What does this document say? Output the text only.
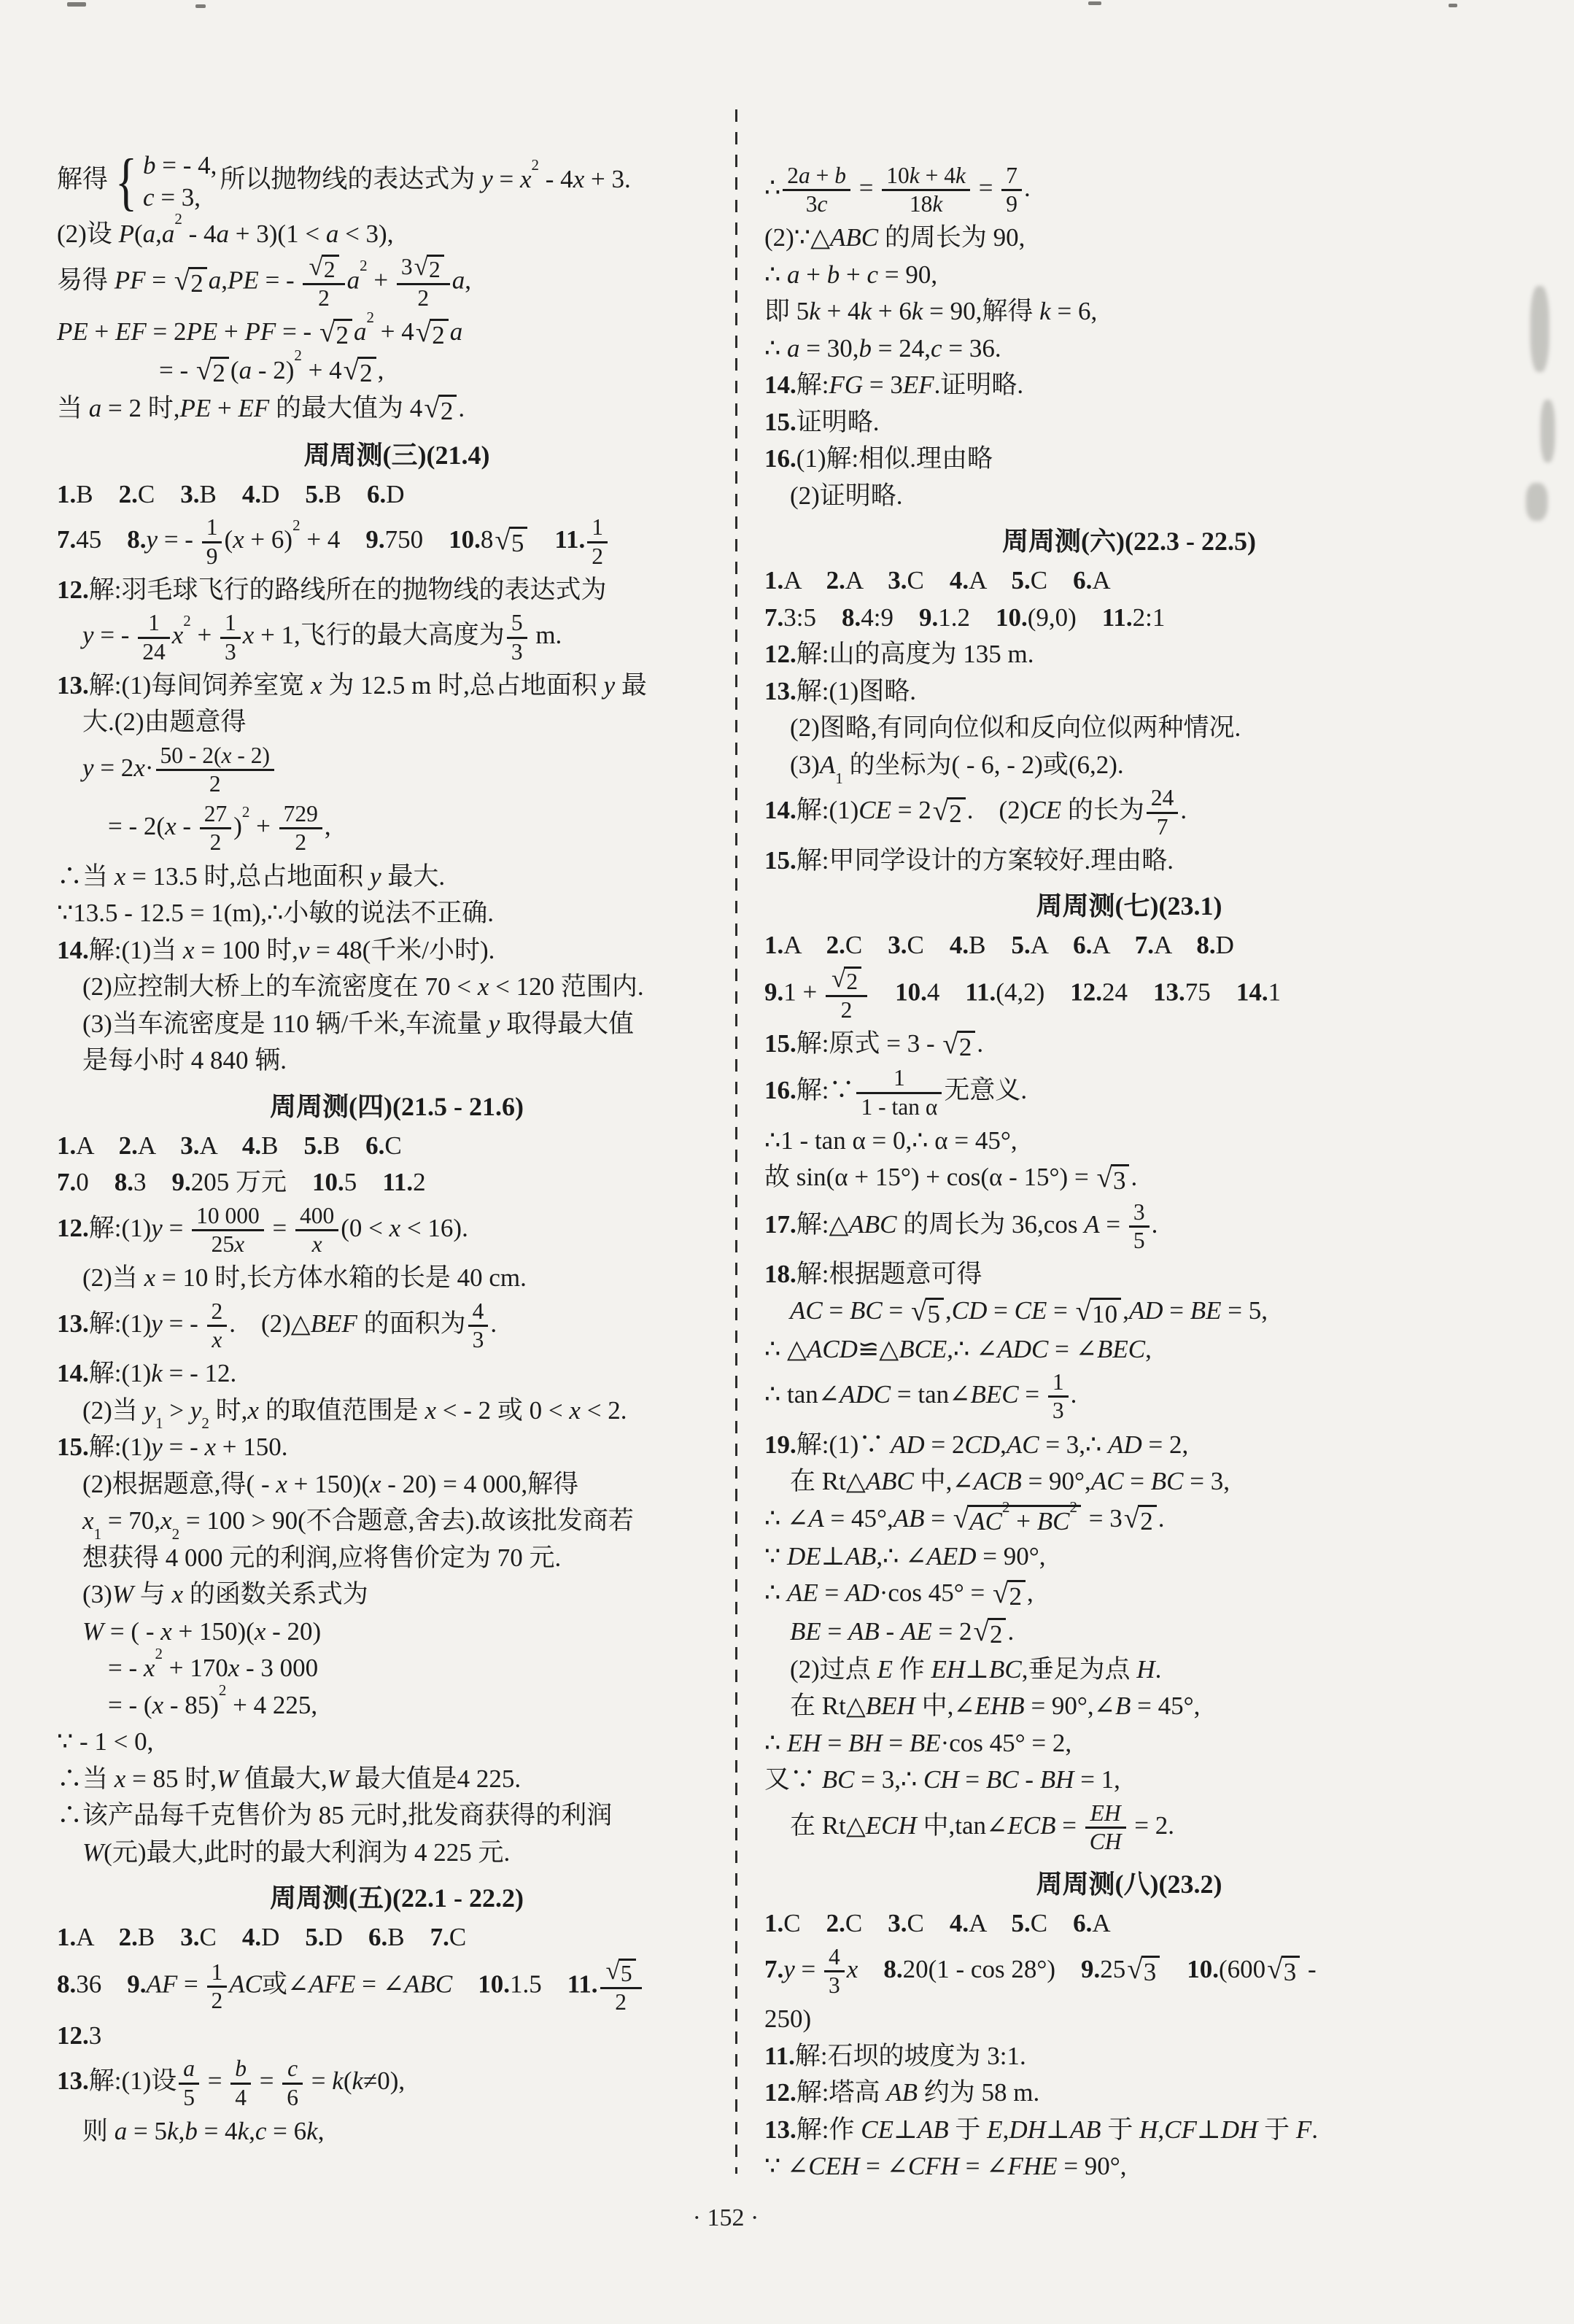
解得 { b = - 4,
c = 3,
所以抛物线的表达式为 $y = x^2 - 4x + 3$.
(2)设 $P(a,a^2 - 4a + 3)(1 < a < 3)$,
易得 PF = √ 2 a,PE = - $\frac{√ 2}{2} a^2 + \frac{3 √ 2}{2} a$,
PE + EF = 2PE + PF = - √ 2 $a^2 + 4$ √ 2 a
　　　　= - √ 2 (a - 2)$^2$ + 4 √ 2 ,
当 a = 2 时,PE + EF 的最大值为 4 √ 2 .
周周测(三)(21.4)
1.B　 2.C　 3.B　 4.D　 5.B　 6.D
7.45　8.y = - $\frac{1}{9} (x + 6)^2 + 4$　9.750　10.8 √ 5
　 11. $\frac{1}{2}$
12.解:羽毛球飞行的路线所在的抛物线的表达式为
　y = - $\frac{1}{24} x^2 + \frac{1}{3}$ x + 1,飞行的最大高度为 $\frac{5}{3} m$.
13.解:(1)每间饲养室宽 x 为 12.5 m 时,总占地面积 y 最
　大.(2)由题意得
　$y = 2x\cdot \frac{50 - 2(x - 2)}{2}$
　　= - $2(x - \frac{27}{2} )^2 + \frac{729}{2}$ ,
∴当 x = 13.5 时,总占地面积 y 最大.
∵13.5 - 12.5 = 1(m),∴小敏的说法不正确.
14.解:(1)当 x = 100 时,v = 48(千米/小时).
　(2)应控制大桥上的车流密度在 70 < x < 120 范围内.
　(3)当车流密度是 110 辆/千米,车流量 y 取得最大值
　是每小时 4 840 辆.
周周测(四)(21.5 - 21.6)
1.A　 2.A　 3.A　 4.B　 5.B　 6.C
7.0　8.3　9.205 万元　10.5　11.2
12.解:(1)y = $\frac{10 000}{25x} = \frac{400}{x} (0 < x < 16)$.
　(2)当 x = 10 时,长方体水箱的长是 40 cm.
13.解:(1)y = - $\frac{2}{x}$ .　(2)△BEF 的面积为 $\frac{4}{3}$ .
14.解:(1)k = - 12.
　(2)当 $y_1 > y_2$ 时,x 的取值范围是 x < - 2 或 0 < x < 2.
15.解:(1)y = - x + 150.
　(2)根据题意,得( - x + 150)(x - 20) = 4 000,解得
　$x_1 = 70,x_2 = 100 > 90$(不合题意,舍去).故该批发商若
　想获得 4 000 元的利润,应将售价定为 70 元.
　(3)W 与 x 的函数关系式为
　W = ( - x + 150)(x - 20)
　　= - $x^2 + 170x - 3$ 000
　　= - (x - 85)$^2$ + 4 225,
∵ - 1 < 0,
∴当 x = 85 时,W 值最大,W 最大值是4 225.
∴该产品每千克售价为 85 元时,批发商获得的利润
　W(元)最大,此时的最大利润为 4 225 元.
周周测(五)(22.1 - 22.2)
1.A　 2.B　 3.C　 4.D　 5.D　 6.B　 7.C
8.36　$9.AF = \frac{1}{2}$ AC或∠AFE = ∠ABC　 10.1.5　11. $\frac{√ 5}{2}$
12.3
13.解:(1)设 $\frac{a}{5} = \frac{b}{4} = \frac{c}{6} = k(k\ne 0)$,
　则 a = 5k,b = 4k,c = 6k,
∴ $\frac{2a + b}{3c} = \frac{10k + 4k}{18k} = \frac{7}{9}$ .
(2)∵△ABC 的周长为 90,
∴ a + b + c = 90,
即 5k + 4k + 6k = 90,解得 k = 6,
∴ a = 30,b = 24,c = 36.
14.解:FG = 3EF.证明略.
15.证明略.
16.(1)解:相似.理由略
　(2)证明略.
周周测(六)(22.3 - 22.5)
1.A　 2.A　 3.C　 4.A　 5.C　 6.A
7.3:5　8.4:9　9.1.2　10.(9,0)　11.2:1
12.解:山的高度为 135 m.
13.解:(1)图略.
　(2)图略,有同向位似和反向位似两种情况.
　$(3)A_1$ 的坐标为( - 6, - 2)或(6,2).
14.解:(1)CE = 2 √ 2 .　(2)CE 的长为 $\frac{24}{7}$ .
15.解:甲同学设计的方案较好.理由略.
周周测(七)(23.1)
1.A　 2.C　 3.C　 4.B　 5.A　 6.A　 7.A　 8.D
$9.1 + \frac{√ 2}{2}$
　 10.4　11.(4,2)　12.24　13.75　14.1
15.解:原式 = 3 - √ 2 .
16.解:∵ $\frac{1}{\text{1 - tan α}}$ 无意义.
∴1 - tan α = 0,∴ α = 45°,
故 sin(α + 15°) + cos(α - 15°) = √ 3 .
17.解:△ABC 的周长为 36,cos $A = \frac{3}{5}$ .
18.解:根据题意可得
　AC = BC = √ 5 ,CD = CE = √ 10 ,AD = BE = 5,
∴ △ACD≌△BCE,∴ ∠ADC = ∠BEC,
∴ tan∠ADC = tan∠BEC = $\frac{1}{3}$ .
19.解:(1)∵ AD = 2CD,AC = 3,∴ AD = 2,
　在 Rt△ABC 中,∠ACB = 90°,AC = BC = 3,
∴ ∠A = 45°,AB = √ $AC^2 + BC^2 = 3$ √ 2 .
∵ DE⊥AB,∴ ∠AED = 90°,
∴ AE = AD·cos 45° = √ 2 ,
　BE = AB - AE = 2 √ 2 .
　(2)过点 E 作 EH⊥BC,垂足为点 H.
　在 Rt△BEH 中,∠EHB = 90°,∠B = 45°,
∴ EH = BH = BE·cos 45° = 2,
又∵ BC = 3,∴ CH = BC - BH = 1,
　在 Rt△ECH 中,tan∠ECB = $\frac{EH}{CH} = 2$.
周周测(八)(23.2)
1.C　 2.C　 3.C　 4.A　 5.C　 6.A
$7.y = \frac{4}{3}$ x　 8.20(1 - cos 28°)　9.25 √ 3
　 10.(600 √ 3 -
250)
11.解:石坝的坡度为 3:1.
12.解:塔高 AB 约为 58 m.
13.解:作 CE⊥AB 于 E,DH⊥AB 于 H,CF⊥DH 于 F.
∵ ∠CEH = ∠CFH = ∠FHE = 90°,
· 152 ·
